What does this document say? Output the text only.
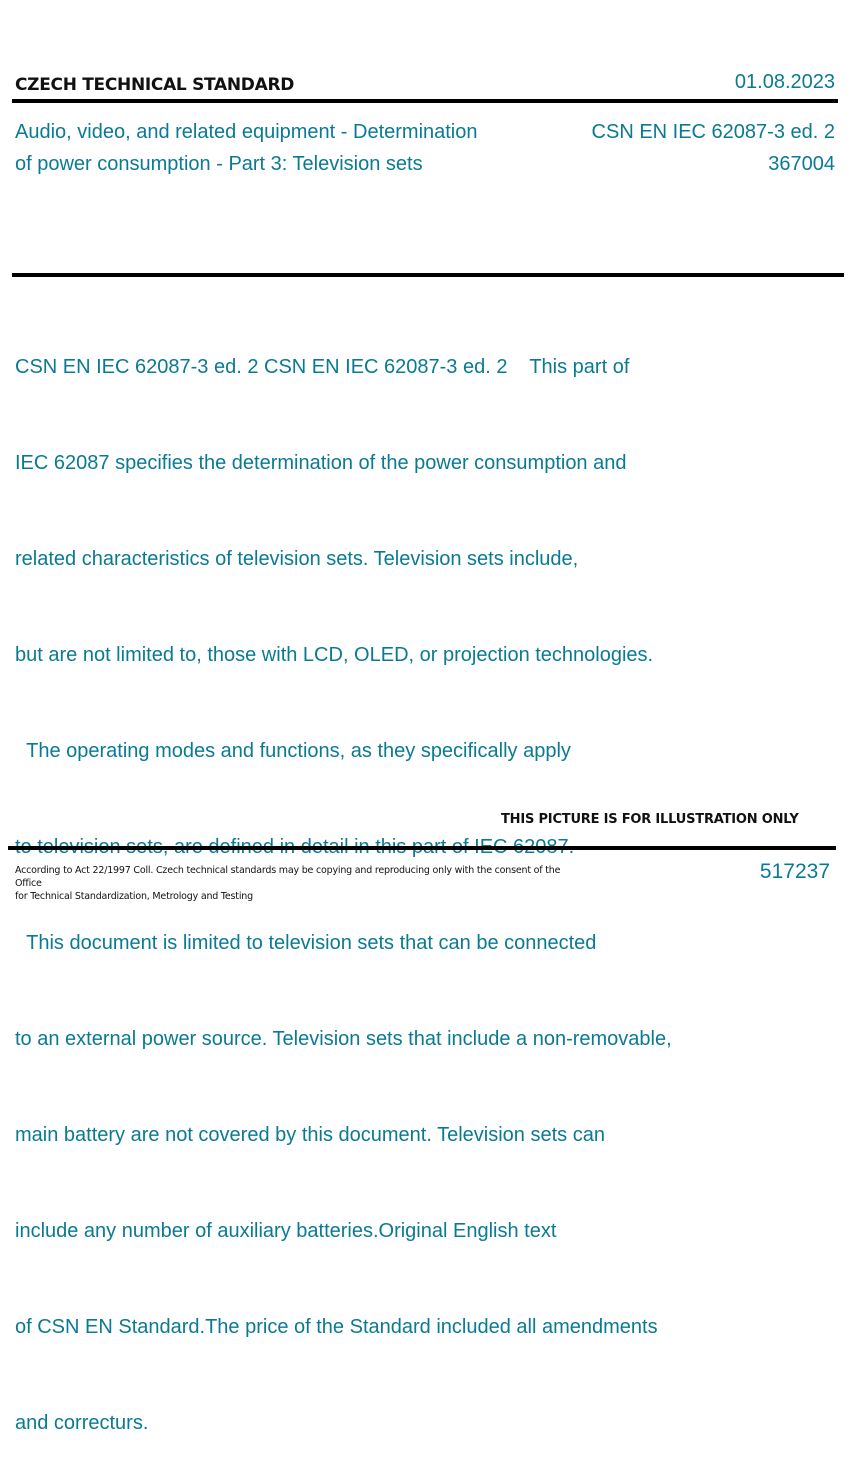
CZECH TECHNICAL STANDARD	01.08.2023
Audio, video, and related equipment - Determination
of power consumption - Part 3: Television sets
CSN EN IEC 62087-3 ed. 2
367004

CSN EN IEC 62087-3 ed. 2 CSN EN IEC 62087-3 ed. 2    This part of

IEC 62087 specifies the determination of the power consumption and

related characteristics of television sets. Television sets include,

but are not limited to, those with LCD, OLED, or projection technologies.

The operating modes and functions, as they specifically apply

This document is limited to television sets that can be connected

to an external power source. Television sets that include a non-removable,

main battery are not covered by this document. Television sets can

include any number of auxiliary batteries.Original English text

of CSN EN Standard.The price of the Standard included all amendments

and correcturs.

THIS PICTURE IS FOR ILLUSTRATION ONLY
According to Act 22/1997 Coll. Czech technical standards may be copying and reproducing only with the consent of the Office
for Technical Standardization, Metrology and Testing
517237
